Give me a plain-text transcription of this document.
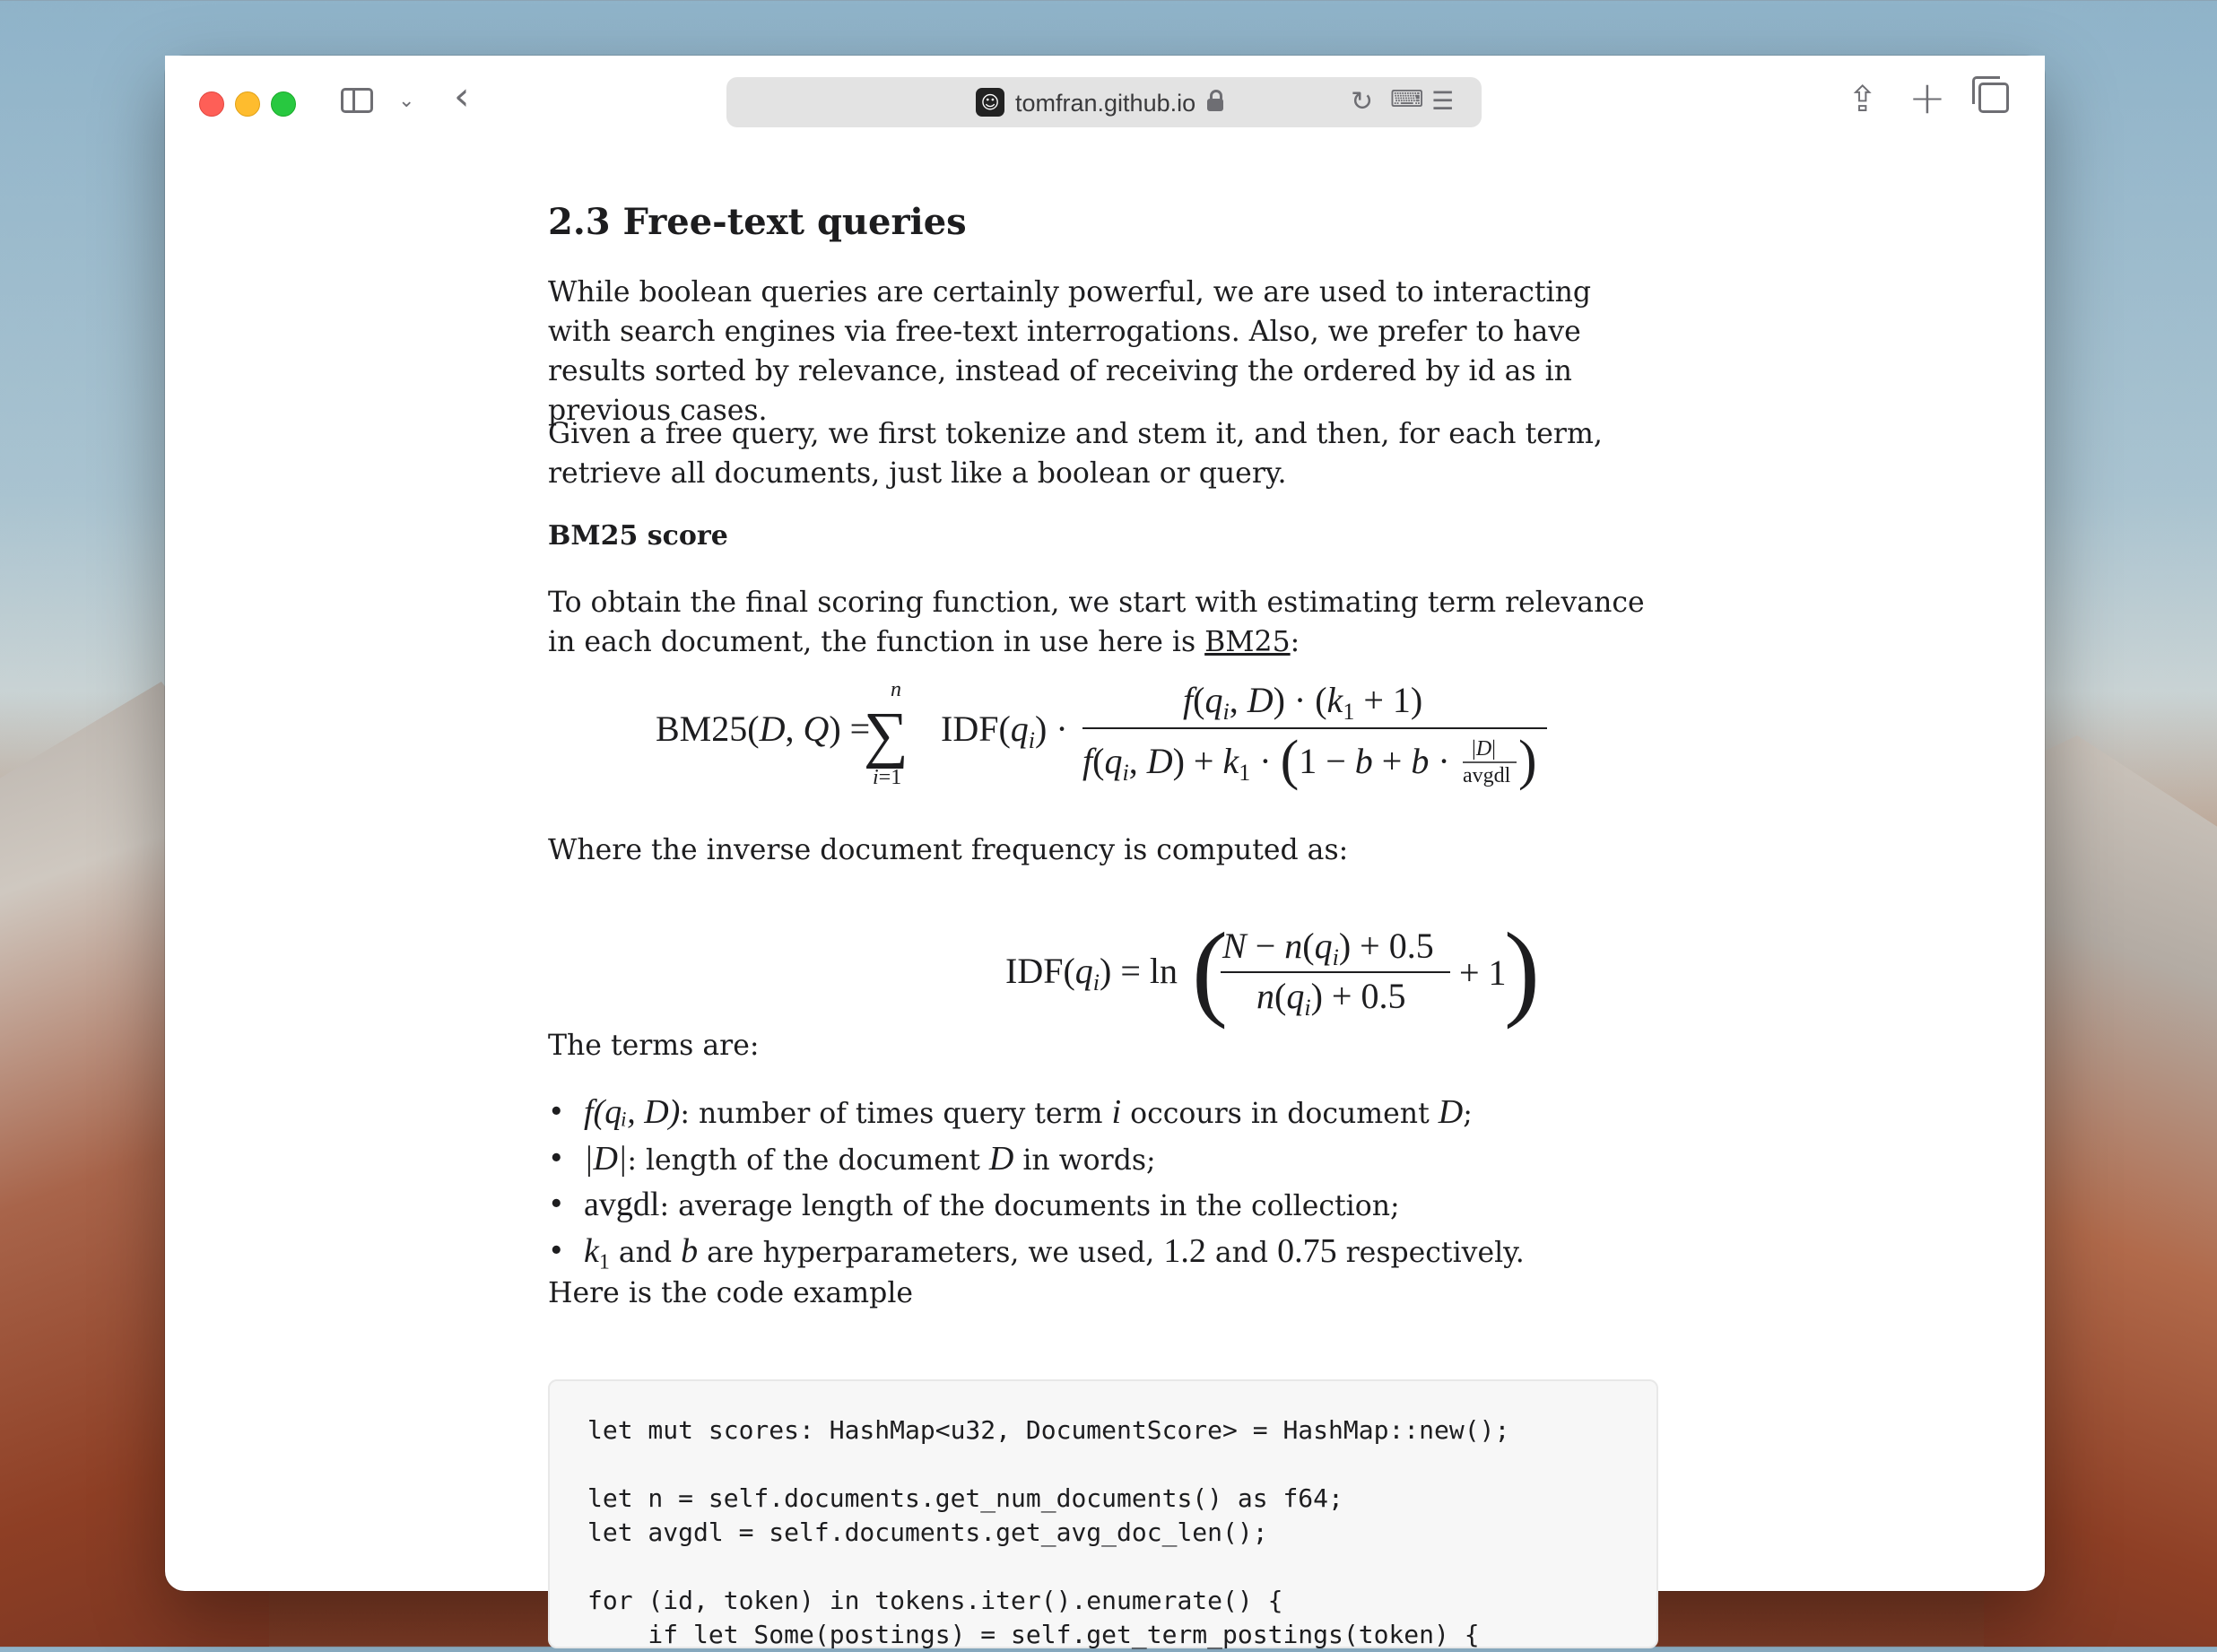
⌄ ‹	☺ tomfran.github.io	↻ ⌨ ☰	⇪ +
2.3 Free-text queries

While boolean queries are certainly powerful, we are used to interacting with search engines via free-text interrogations. Also, we prefer to have results sorted by relevance, instead of receiving the ordered by id as in previous cases.

Given a free query, we first tokenize and stem it, and then, for each term, retrieve all documents, just like a boolean or query.

BM25 score

To obtain the final scoring function, we start with estimating term relevance in each document, the function in use here is BM25:

BM25(D, Q) =
n
∑
i=1
$IDF(q_i)$ ·
$f(q_i$, $D) \cdot (k_1 + 1)$
$f(q_i$, $D) + k_1 \cdot (1 - b + b \cdot |D|$
avgdl )

Where the inverse document frequency is computed as:

$IDF(q_i) = \ln$ (
$N - n(q_i) + 0.5$
$n(q_i) + 0.5$
+ 1
)

The terms are:

• f(qᵢ, D): number of times query term i occours in document D;
• |D|: length of the document D in words;
• avgdl: average length of the documents in the collection;
• $k_1$ and b are hyperparameters, we used, 1.2 and 0.75 respectively.

Here is the code example

let mut scores: HashMap<u32, DocumentScore> = HashMap::new();

let n = self.documents.get_num_documents() as f64;
let avgdl = self.documents.get_avg_doc_len();

for (id, token) in tokens.iter().enumerate() {
if let Some(postings) = self.get_term_postings(token) {
